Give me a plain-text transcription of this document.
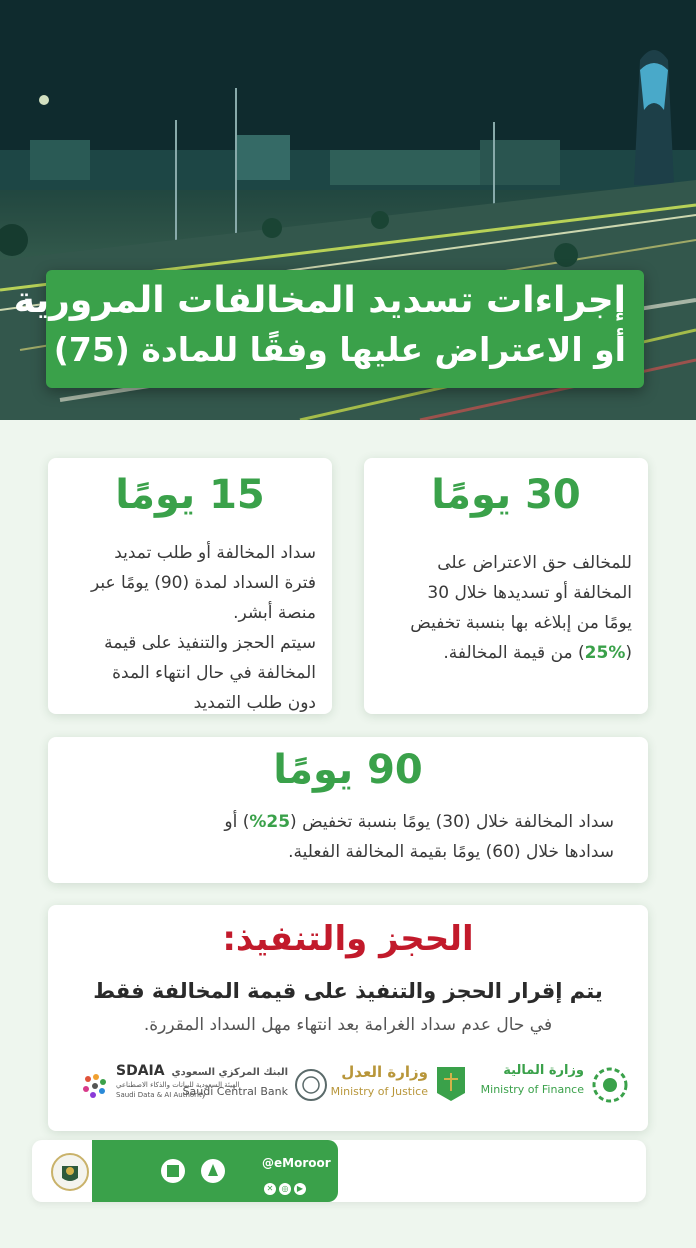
إجراءات تسديد المخالفات المرورية
أو الاعتراض عليها وفقًا للمادة (75)
30 يومًا
للمخالف حق الاعتراض على
المخالفة أو تسديدها خلال 30
يومًا من إبلاغه بها بنسبة تخفيض
(25%) من قيمة المخالفة.
15 يومًا
سداد المخالفة أو طلب تمديد
فترة السداد لمدة (90) يومًا عبر
منصة أبشر.
سيتم الحجز والتنفيذ على قيمة
المخالفة في حال انتهاء المدة
دون طلب التمديد
90 يومًا
سداد المخالفة خلال (30) يومًا بنسبة تخفيض (25%) أو
سدادها خلال (60) يومًا بقيمة المخالفة الفعلية.
الحجز والتنفيذ:
يتم إقرار الحجز والتنفيذ على قيمة المخالفة فقط
في حال عدم سداد الغرامة بعد انتهاء مهل السداد المقررة.
وزارة المالية
Ministry of Finance
وزارة العدل
Ministry of Justice
البنك المركزي السعودي
Saudi Central Bank
SDAIA
الهيئة السعودية للبيانات والذكاء الاصطناعي
Saudi Data & AI Authority
@eMoroor
✕ ◎ ▶
